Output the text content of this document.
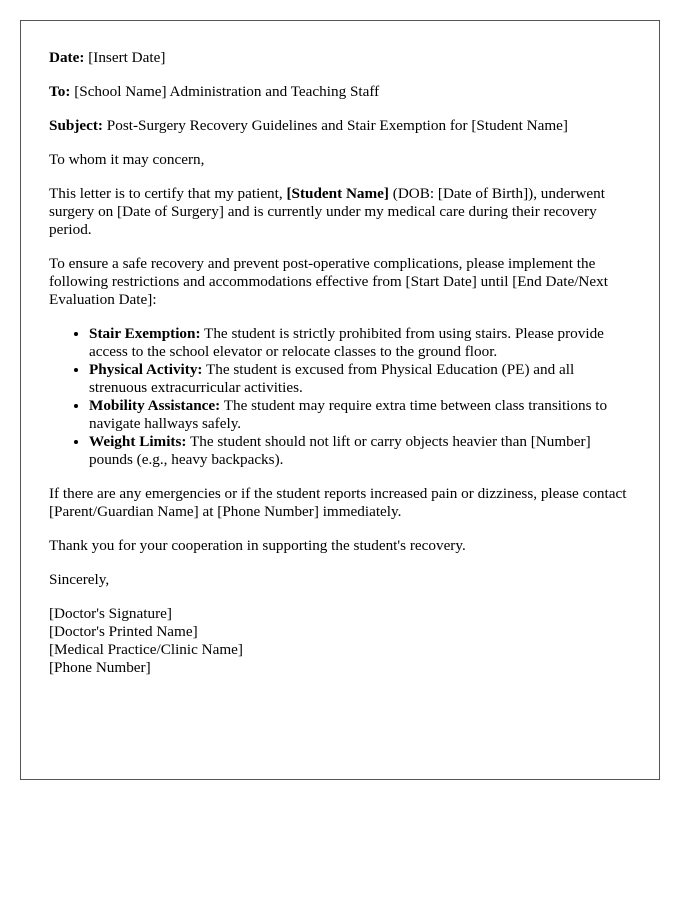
Date: [Insert Date]

To: [School Name] Administration and Teaching Staff

Subject: Post-Surgery Recovery Guidelines and Stair Exemption for [Student Name]

To whom it may concern,

This letter is to certify that my patient, [Student Name] (DOB: [Date of Birth]), underwent surgery on [Date of Surgery] and is currently under my medical care during their recovery period.

To ensure a safe recovery and prevent post-operative complications, please implement the following restrictions and accommodations effective from [Start Date] until [End Date/Next Evaluation Date]:

• Stair Exemption: The student is strictly prohibited from using stairs. Please provide access to the school elevator or relocate classes to the ground floor.
• Physical Activity: The student is excused from Physical Education (PE) and all strenuous extracurricular activities.
• Mobility Assistance: The student may require extra time between class transitions to navigate hallways safely.
• Weight Limits: The student should not lift or carry objects heavier than [Number] pounds (e.g., heavy backpacks).

If there are any emergencies or if the student reports increased pain or dizziness, please contact [Parent/Guardian Name] at [Phone Number] immediately.

Thank you for your cooperation in supporting the student's recovery.

Sincerely,

[Doctor's Signature]
[Doctor's Printed Name]
[Medical Practice/Clinic Name]
[Phone Number]
